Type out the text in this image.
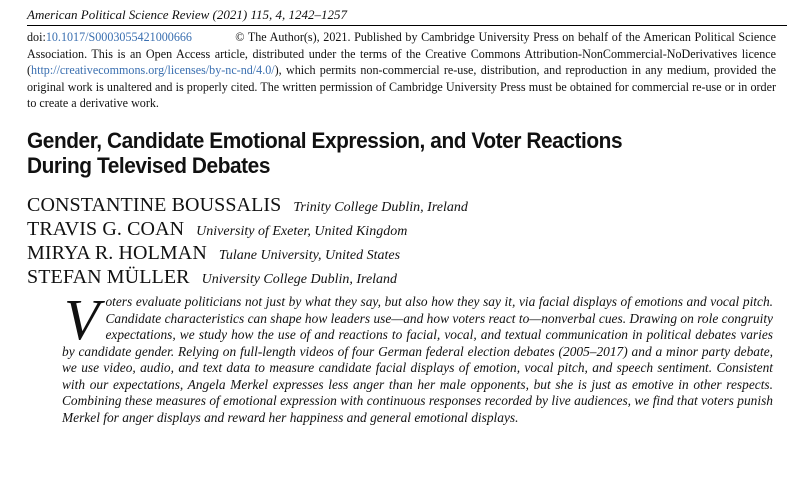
American Political Science Review (2021) 115, 4, 1242–1257
doi:10.1017/S0003055421000666	© The Author(s), 2021. Published by Cambridge University Press on behalf of the American Political Science Association. This is an Open Access article, distributed under the terms of the Creative Commons Attribution-NonCommercial-NoDerivatives licence (http://creativecommons.org/licenses/by-nc-nd/4.0/), which permits non-commercial re-use, distribution, and reproduction in any medium, provided the original work is unaltered and is properly cited. The written permission of Cambridge University Press must be obtained for commercial re-use or in order to create a derivative work.
Gender, Candidate Emotional Expression, and Voter Reactions
During Televised Debates
CONSTANTINE BOUSSALIS Trinity College Dublin, Ireland
TRAVIS G. COAN University of Exeter, United Kingdom
MIRYA R. HOLMAN Tulane University, United States
STEFAN MÜLLER University College Dublin, Ireland
Voters evaluate politicians not just by what they say, but also how they say it, via facial displays of emotions and vocal pitch. Candidate characteristics can shape how leaders use—and how voters react to—nonverbal cues. Drawing on role congruity expectations, we study how the use of and reactions to facial, vocal, and textual communication in political debates varies by candidate gender. Relying on full-length videos of four German federal election debates (2005–2017) and a minor party debate, we use video, audio, and text data to measure candidate facial displays of emotion, vocal pitch, and speech sentiment. Consistent with our expectations, Angela Merkel expresses less anger than her male opponents, but she is just as emotive in other respects. Combining these measures of emotional expression with continuous responses recorded by live audiences, we find that voters punish Merkel for anger displays and reward her happiness and general emotional displays.
